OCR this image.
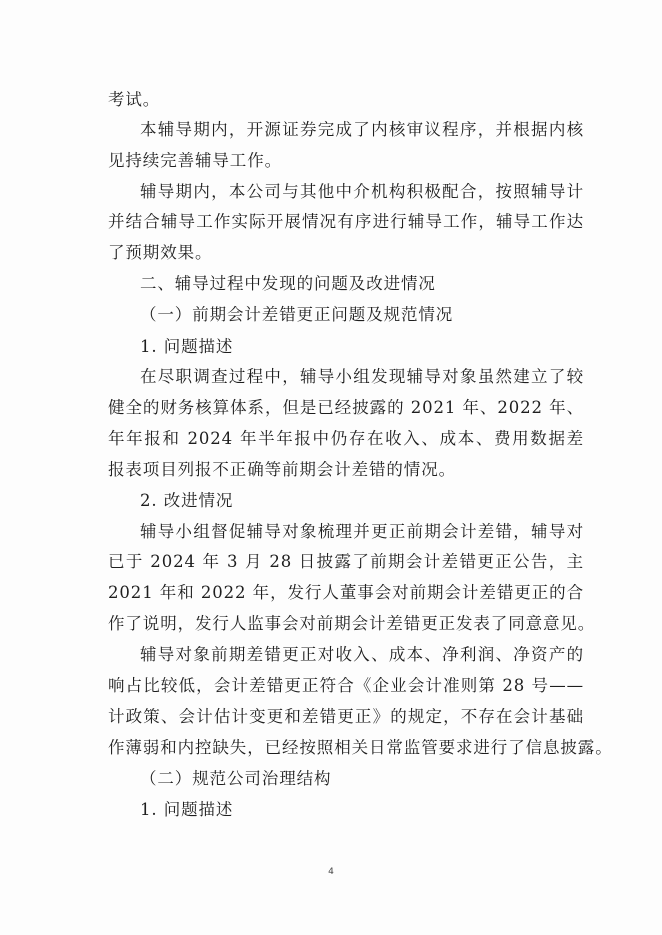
考试。
本辅导期内，开源证券完成了内核审议程序，并根据内核
见持续完善辅导工作。
辅导期内，本公司与其他中介机构积极配合，按照辅导计
并结合辅导工作实际开展情况有序进行辅导工作，辅导工作达
了预期效果。
二、辅导过程中发现的问题及改进情况
（一）前期会计差错更正问题及规范情况
1. 问题描述
在尽职调查过程中，辅导小组发现辅导对象虽然建立了较
健全的财务核算体系，但是已经披露的 2021 年、2022 年、
年年报和 2024 年半年报中仍存在收入、成本、费用数据差
报表项目列报不正确等前期会计差错的情况。
2. 改进情况
辅导小组督促辅导对象梳理并更正前期会计差错，辅导对
已于 2024 年 3 月 28 日披露了前期会计差错更正公告，主
2021 年和 2022 年，发行人董事会对前期会计差错更正的合
作了说明，发行人监事会对前期会计差错更正发表了同意意见。
辅导对象前期差错更正对收入、成本、净利润、净资产的
响占比较低，会计差错更正符合《企业会计准则第 28 号——
计政策、会计估计变更和差错更正》的规定，不存在会计基础
作薄弱和内控缺失，已经按照相关日常监管要求进行了信息披露。
（二）规范公司治理结构
1. 问题描述
4
